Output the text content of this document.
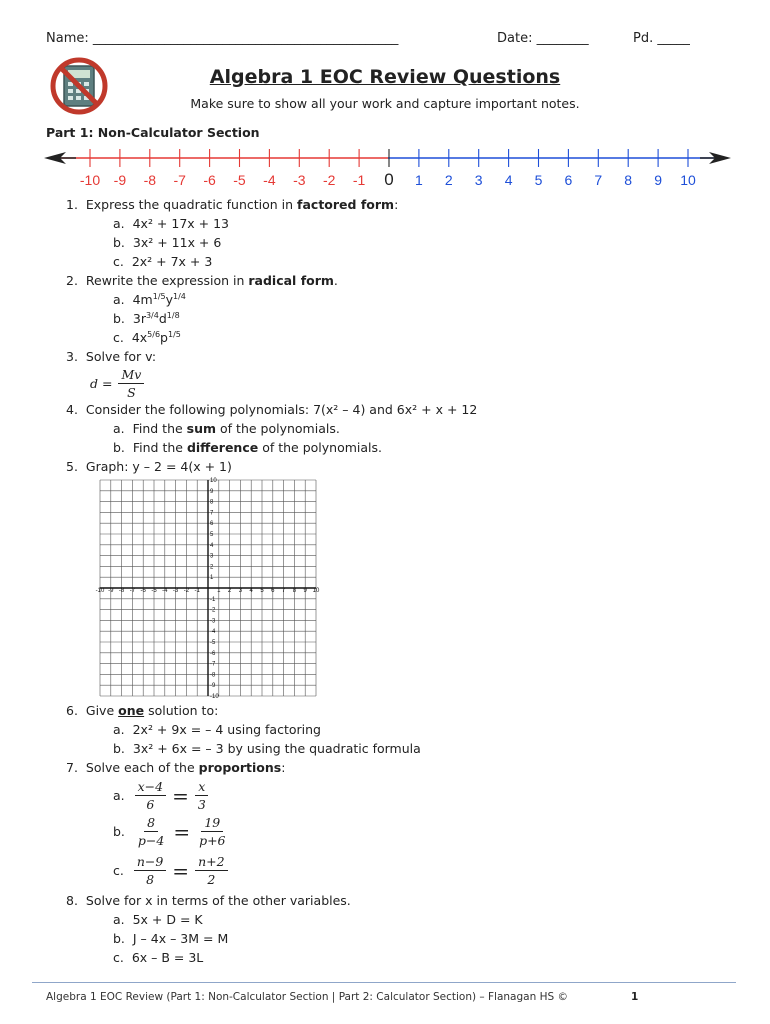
Name: _______________________________________________	Date: ________	Pd. _____
Algebra 1 EOC Review Questions
Make sure to show all your work and capture important notes.
Part 1: Non-Calculator Section
-10 -9 -8 -7 -6 -5 -4 -3 -2 -1 0 1 2 3 4 5 6 7 8 9 10
1. Express the quadratic function in factored form:
a. 4x² + 17x + 13
b. 3x² + 11x + 6
c. 2x² + 7x + 3
2. Rewrite the expression in radical form.
a. $4m^{1/5}y^{1/4}$
b. $3r^{3/4}d^{1/8}$
c. $4x^{5/6}p^{1/5}$
3. Solve for v:
$d = \frac{Mv}{S}$
4. Consider the following polynomials: 7(x² – 4) and 6x² + x + 12
a. Find the sum of the polynomials.
b. Find the difference of the polynomials.
5. Graph: y – 2 = 4(x + 1)
-10 -9 -8 -7 -6 -5 -4 -3 -2 -1	1 2 3 4 5 6 7 8 9 10
10
9
8
7
6
5
4
3
2
1
-1
-2
-3
-4
-5
-6
-7
-8
-9
-10
6. Give one solution to:
a. 2x² + 9x = – 4 using factoring
b. 3x² + 6x = – 3 by using the quadratic formula
7. Solve each of the proportions:
a. $\frac{x-4}{6} = \frac{x}{3}$
b. $\frac{8}{p-4} = \frac{19}{p+6}$
c. $\frac{n-9}{8} = \frac{n+2}{2}$
8. Solve for x in terms of the other variables.
a. 5x + D = K
b. J – 4x – 3M = M
c. 6x – B = 3L
Algebra 1 EOC Review (Part 1: Non-Calculator Section | Part 2: Calculator Section) – Flanagan HS ©	1
